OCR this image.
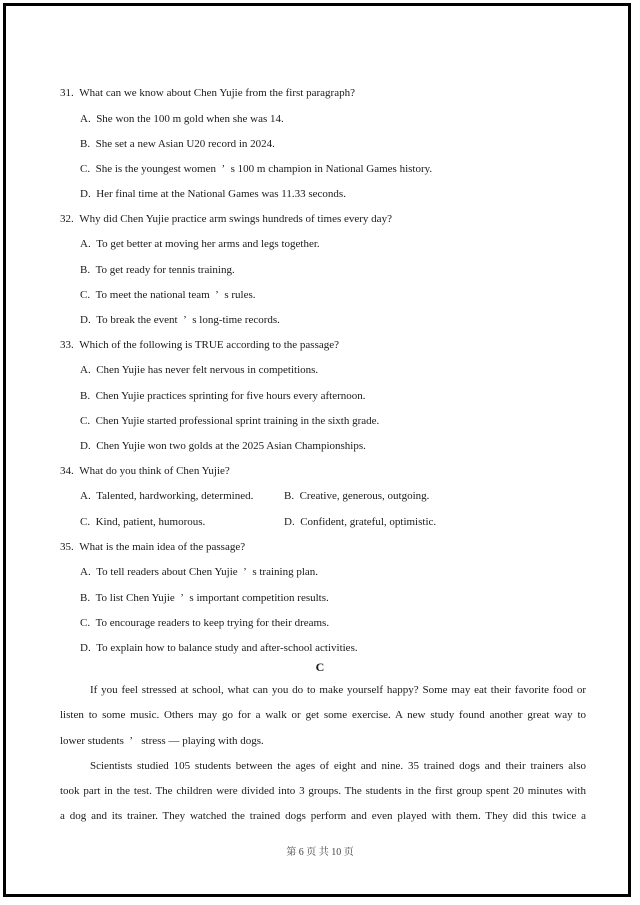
31.  What can we know about Chen Yujie from the first paragraph?
A.  She won the 100 m gold when she was 14.
B.  She set a new Asian U20 record in 2024.
C.  She is the youngest women  ’  s 100 m champion in National Games history.
D.  Her final time at the National Games was 11.33 seconds.
32.  Why did Chen Yujie practice arm swings hundreds of times every day?
A.  To get better at moving her arms and legs together.
B.  To get ready for tennis training.
C.  To meet the national team  ’  s rules.
D.  To break the event  ’  s long-time records.
33.  Which of the following is TRUE according to the passage?
A.  Chen Yujie has never felt nervous in competitions.
B.  Chen Yujie practices sprinting for five hours every afternoon.
C.  Chen Yujie started professional sprint training in the sixth grade.
D.  Chen Yujie won two golds at the 2025 Asian Championships.
34.  What do you think of Chen Yujie?
A.  Talented, hardworking, determined.	B.  Creative, generous, outgoing.
C.  Kind, patient, humorous.	D.  Confident, grateful, optimistic.
35.  What is the main idea of the passage?
A.  To tell readers about Chen Yujie  ’  s training plan.
B.  To list Chen Yujie  ’  s important competition results.
C.  To encourage readers to keep trying for their dreams.
D.  To explain how to balance study and after-school activities.
C
If you feel stressed at school, what can you do to make yourself happy? Some may eat their favorite food or
listen to some music. Others may go for a walk or get some exercise. A new study found another great way to
lower students  ’   stress — playing with dogs.
Scientists studied 105 students between the ages of eight and nine. 35 trained dogs and their trainers also
took part in the test. The children were divided into 3 groups. The students in the first group spent 20 minutes with
a dog and its trainer. They watched the trained dogs perform and even played with them. They did this twice a
第 6 页 共 10 页
